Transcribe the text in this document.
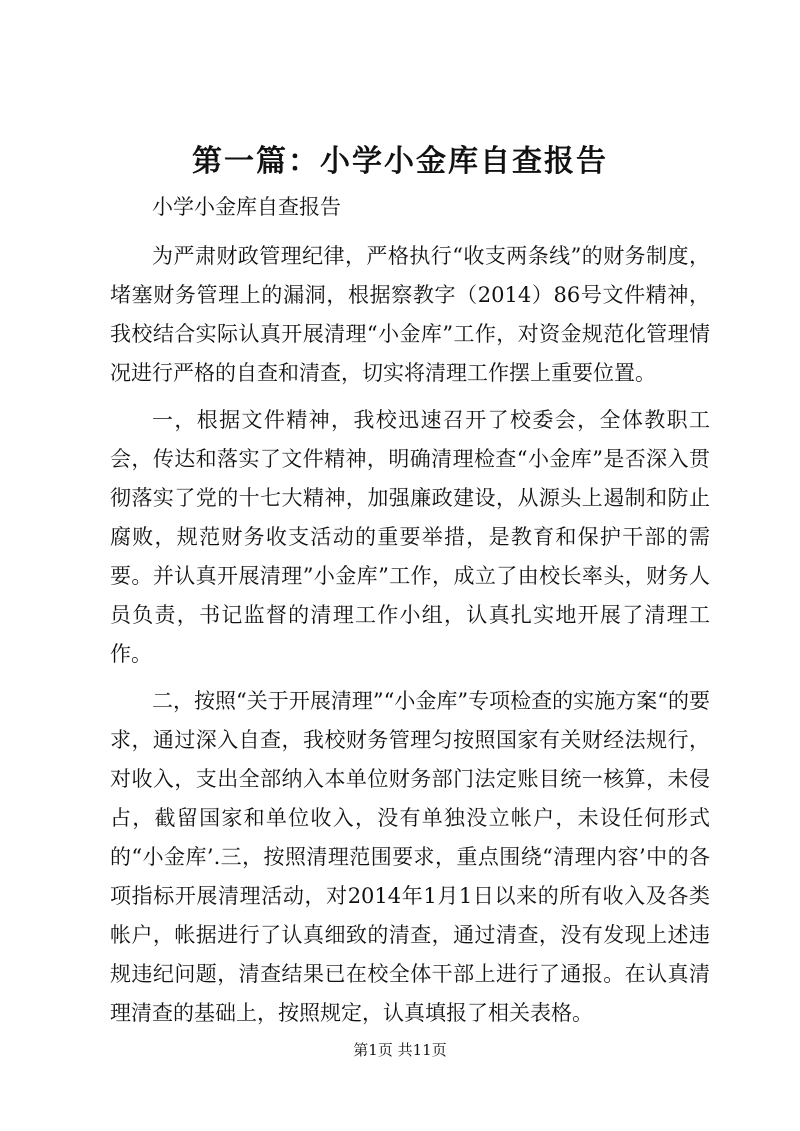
第一篇：小学小金库自查报告

小学小金库自查报告

为严肃财政管理纪律，严格执行“收支两条线”的财务制度，堵塞财务管理上的漏洞，根据察教字（2014）86号文件精神，我校结合实际认真开展清理“小金库”工作，对资金规范化管理情况进行严格的自查和清查，切实将清理工作摆上重要位置。

一，根据文件精神，我校迅速召开了校委会，全体教职工会，传达和落实了文件精神，明确清理检查“小金库”是否深入贯彻落实了党的十七大精神，加强廉政建设，从源头上遏制和防止腐败，规范财务收支活动的重要举措，是教育和保护干部的需要。并认真开展清理”小金库”工作，成立了由校长率头，财务人员负责，书记监督的清理工作小组，认真扎实地开展了清理工作。

二，按照“关于开展清理”“小金库”专项检查的实施方案“的要求，通过深入自查，我校财务管理匀按照国家有关财经法规行，对收入，支出全部纳入本单位财务部门法定账目统一核算，未侵占，截留国家和单位收入，没有单独没立帐户，未设任何形式的“小金库’.三，按照清理范围要求，重点围绕“清理内容’中的各项指标开展清理活动，对2014年1月1日以来的所有收入及各类帐户，帐据进行了认真细致的清查，通过清查，没有发现上述违规违纪问题，清查结果已在校全体干部上进行了通报。在认真清理清查的基础上，按照规定，认真填报了相关表格。

第1页 共11页
